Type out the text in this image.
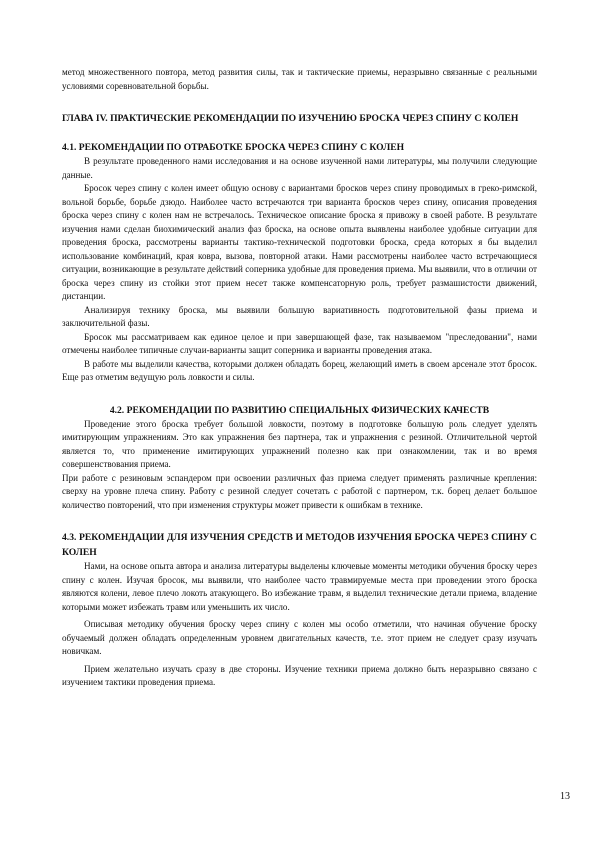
метод множественного повтора, метод развития силы, так и тактические приемы, неразрывно связанные с реальными условиями соревновательной борьбы.

ГЛАВА IV. ПРАКТИЧЕСКИЕ РЕКОМЕНДАЦИИ ПО ИЗУЧЕНИЮ БРОСКА ЧЕРЕЗ СПИНУ С КОЛЕН

4.1. РЕКОМЕНДАЦИИ ПО ОТРАБОТКЕ БРОСКА ЧЕРЕЗ СПИНУ С КОЛЕН

В результате проведенного нами исследования и на основе изученной нами литературы, мы получили следующие данные.

Бросок через спину с колен имеет общую основу с вариантами бросков через спину проводимых в греко-римской, вольной борьбе, борьбе дзюдо. Наиболее часто встречаются три варианта бросков через спину, описания проведения броска через спину с колен нам не встречалось. Техническое описание броска я привожу в своей работе. В результате изучения нами сделан биохимический анализ фаз броска, на основе опыта выявлены наиболее удобные ситуации для проведения броска, рассмотрены варианты тактико-технической подготовки броска, среда которых я бы выделил использование комбинаций, края ковра, вызова, повторной атаки. Нами рассмотрены наиболее часто встречающиеся ситуации, возникающие в результате действий соперника удобные для проведения приема. Мы выявили, что в отличии от броска через спину из стойки этот прием несет также компенсаторную роль, требует размашистости движений, дистанции.

Анализируя технику броска, мы выявили большую вариативность подготовительной фазы приема и заключительной фазы.

Бросок мы рассматриваем как единое целое и при завершающей фазе, так называемом "преследовании", нами отмечены наиболее типичные случаи-варианты защит соперника и варианты проведения атака.

В работе мы выделили качества, которыми должен обладать борец, желающий иметь в своем арсенале этот бросок. Еще раз отметим ведущую роль ловкости и силы.

4.2. РЕКОМЕНДАЦИИ ПО РАЗВИТИЮ СПЕЦИАЛЬНЫХ ФИЗИЧЕСКИХ КАЧЕСТВ

Проведение этого броска требует большой ловкости, поэтому в подготовке большую роль следует уделять имитирующим упражнениям. Это как упражнения без партнера, так и упражнения с резиной. Отличительной чертой является то, что применение имитирующих упражнений полезно как при ознакомлении, так и во время совершенствования приема.

При работе с резиновым эспандером при освоении различных фаз приема следует применять различные крепления: сверху на уровне плеча спину. Работу с резиной следует сочетать с работой с партнером, т.к. борец делает большое количество повторений, что при изменения структуры может привести к ошибкам в технике.

4.3. РЕКОМЕНДАЦИИ ДЛЯ ИЗУЧЕНИЯ СРЕДСТВ И МЕТОДОВ ИЗУЧЕНИЯ БРОСКА ЧЕРЕЗ СПИНУ С КОЛЕН

Нами, на основе опыта автора и анализа литературы выделены ключевые моменты методики обучения броску через спину с колен. Изучая бросок, мы выявили, что наиболее часто травмируемые места при проведении этого броска являются колени, левое плечо локоть атакующего. Во избежание травм, я выделил технические детали приема, владение которыми может избежать травм или уменьшить их число.

Описывая методику обучения броску через спину с колен мы особо отметили, что начиная обучение броску обучаемый должен обладать определенным уровнем двигательных качеств, т.е. этот прием не следует сразу изучать новичкам.

Прием желательно изучать сразу в две стороны. Изучение техники приема должно быть неразрывно связано с изучением тактики проведения приема.

13
